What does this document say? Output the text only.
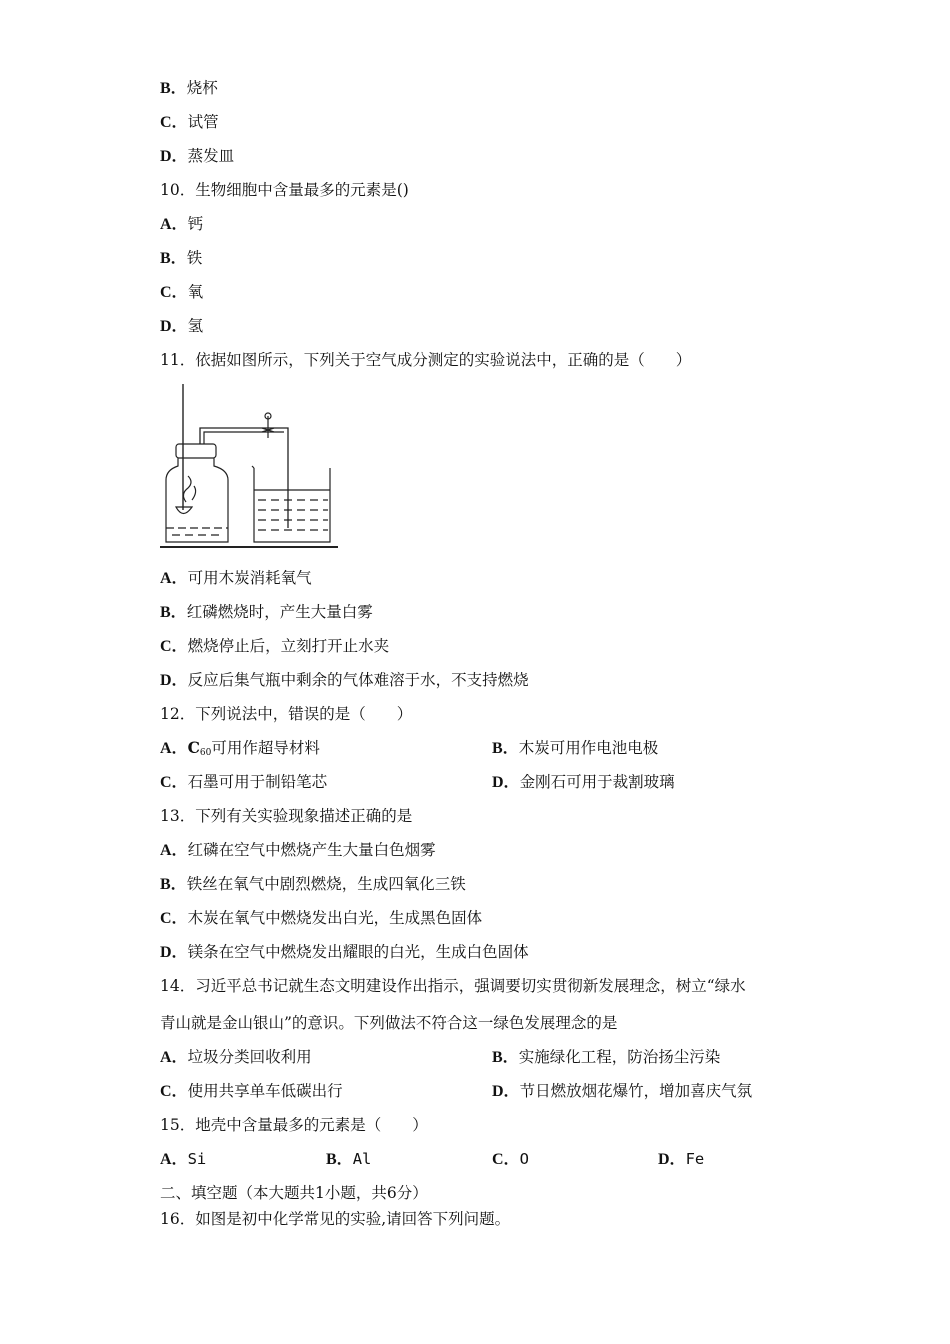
B．烧杯
C．试管
D．蒸发皿
10．生物细胞中含量最多的元素是()
A．钙
B．铁
C．氧
D．氢
11．依据如图所示，下列关于空气成分测定的实验说法中，正确的是（　　）
A．可用木炭消耗氧气
B．红磷燃烧时，产生大量白雾
C．燃烧停止后，立刻打开止水夹
D．反应后集气瓶中剩余的气体难溶于水，不支持燃烧
12．下列说法中，错误的是（　　）
A．$C_{60}$可用作超导材料	B．木炭可用作电池电极
C．石墨可用于制铅笔芯	D．金刚石可用于裁割玻璃
13．下列有关实验现象描述正确的是
A．红磷在空气中燃烧产生大量白色烟雾
B．铁丝在氧气中剧烈燃烧，生成四氧化三铁
C．木炭在氧气中燃烧发出白光，生成黑色固体
D．镁条在空气中燃烧发出耀眼的白光，生成白色固体
14．习近平总书记就生态文明建设作出指示，强调要切实贯彻新发展理念，树立“绿水
青山就是金山银山”的意识。下列做法不符合这一绿色发展理念的是
A．垃圾分类回收利用	B．实施绿化工程，防治扬尘污染
C．使用共享单车低碳出行	D．节日燃放烟花爆竹，增加喜庆气氛
15．地壳中含量最多的元素是（　　）
A．Si	B．Al	C．O	D．Fe
二、填空题（本大题共1小题，共6分）
16．如图是初中化学常见的实验,请回答下列问题。
